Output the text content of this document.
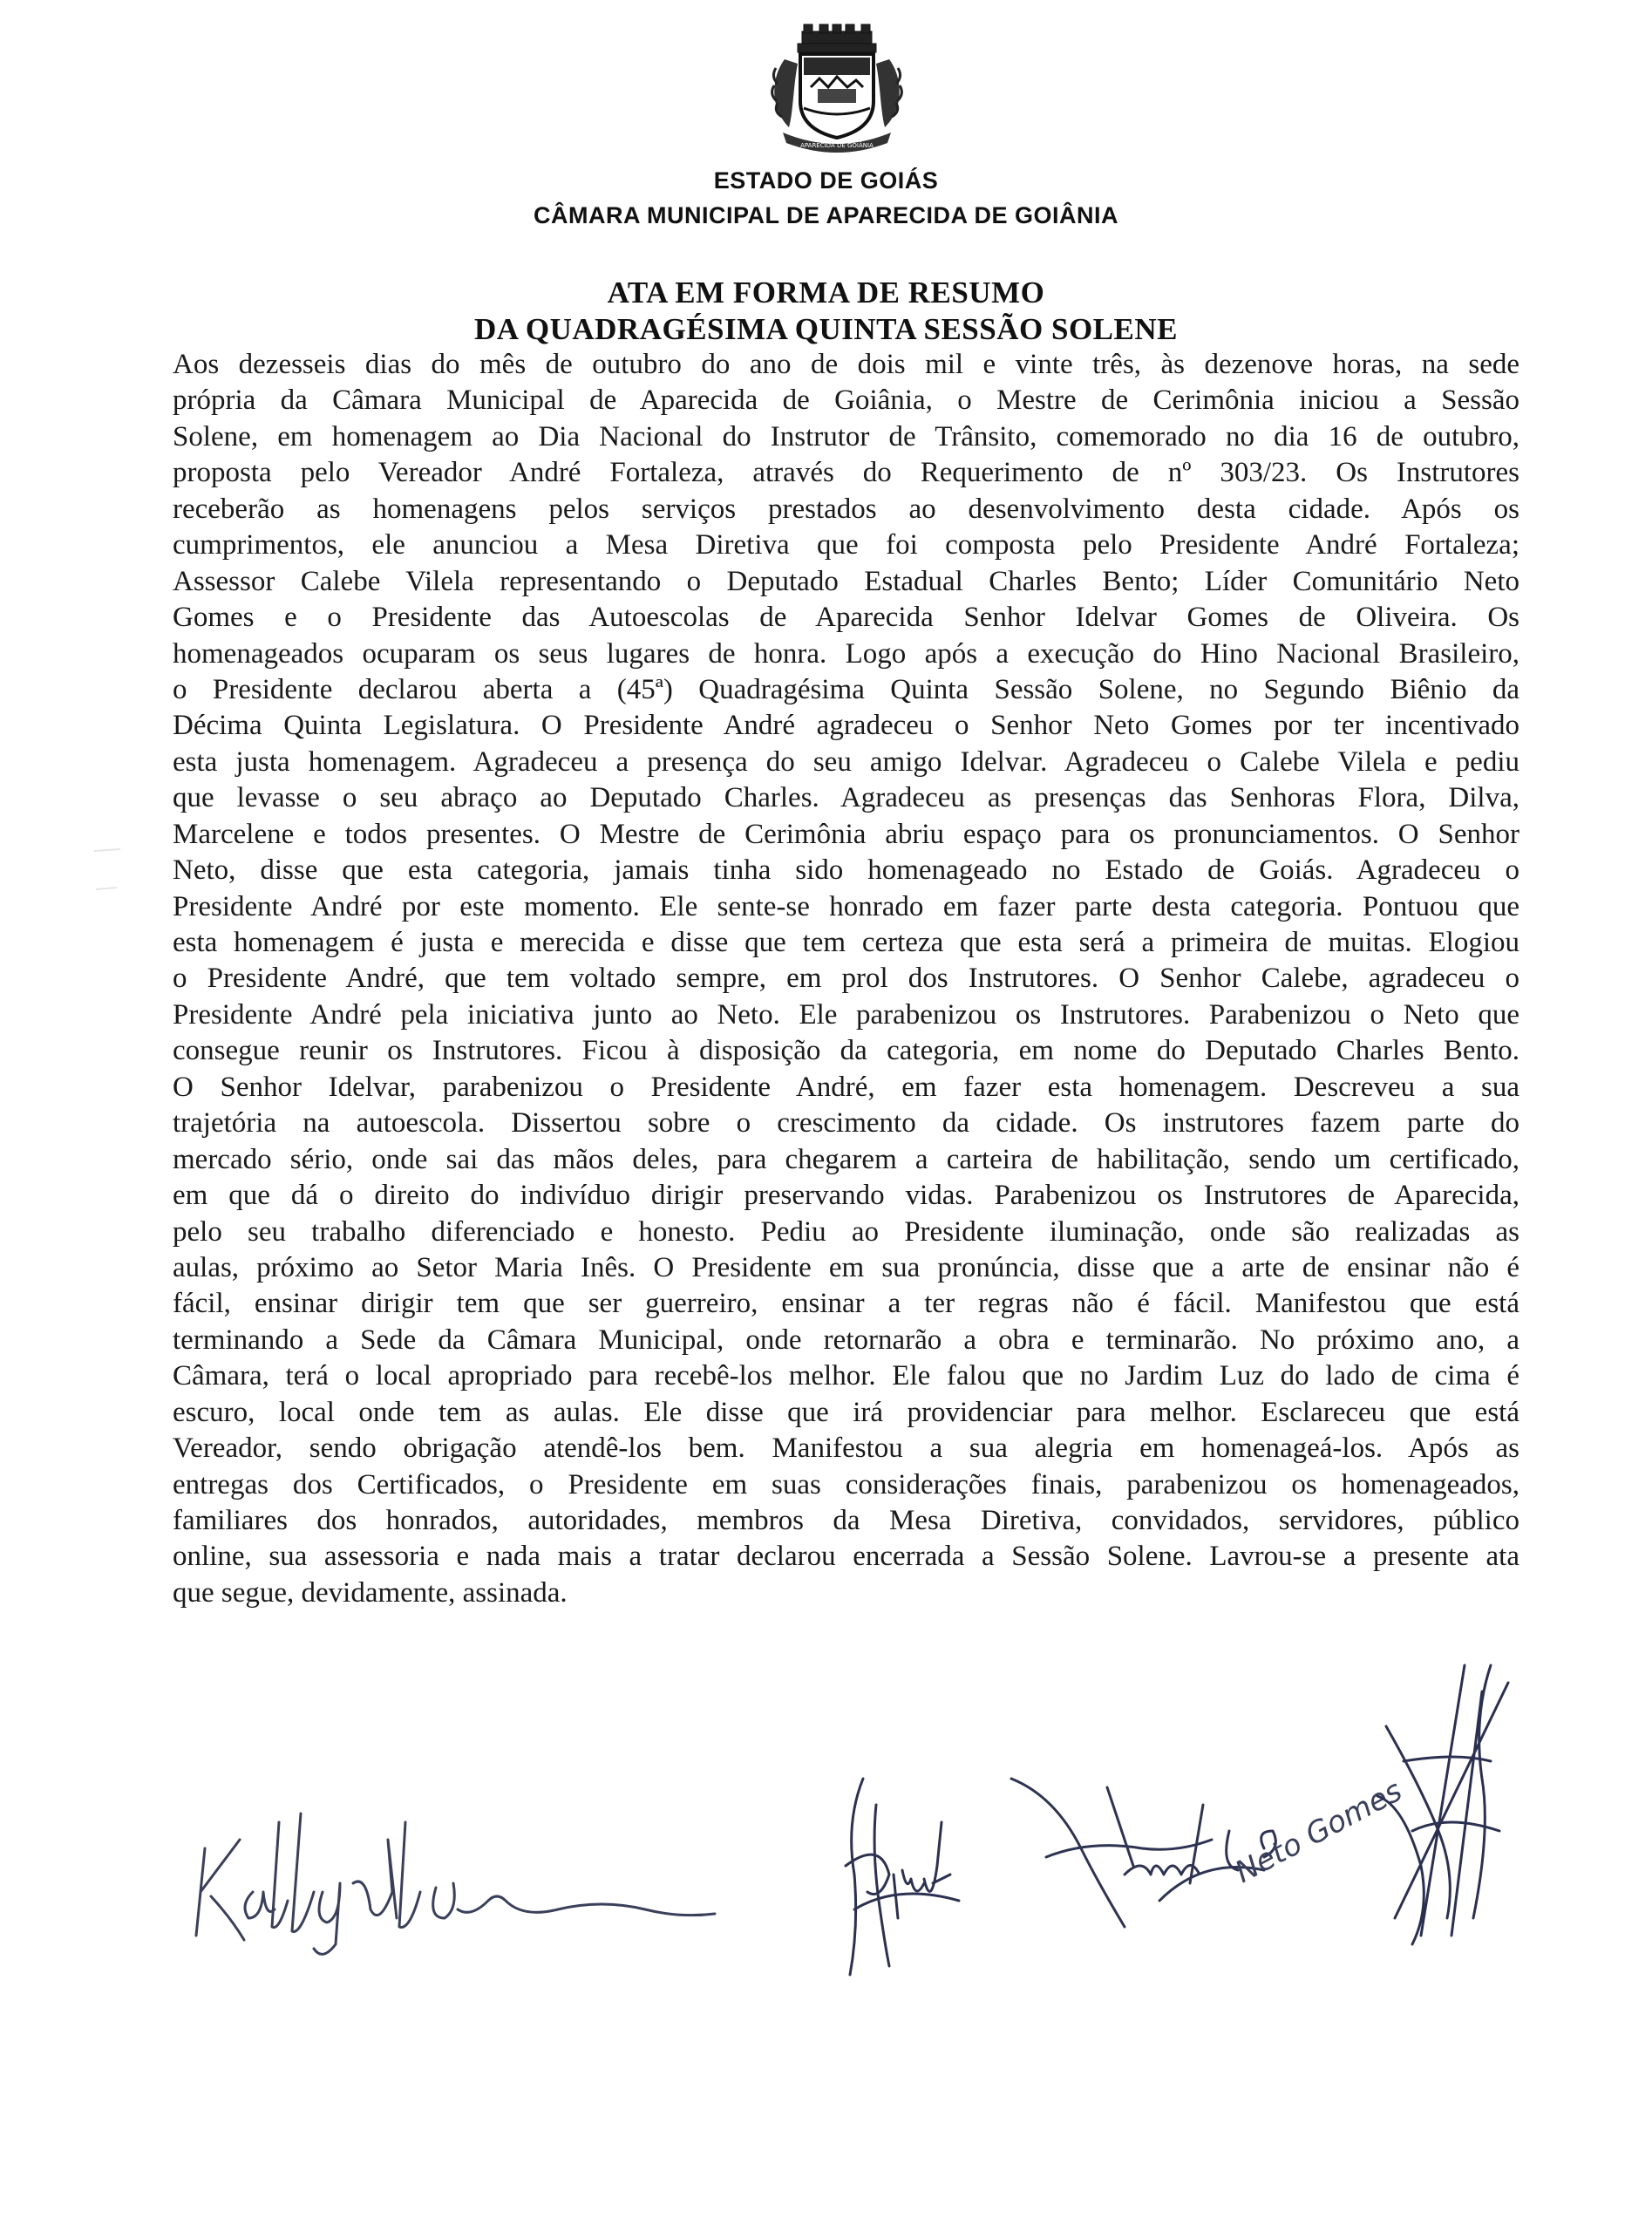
APARECIDA DE GOIÂNIA
ESTADO DE GOIÁS
CÂMARA MUNICIPAL DE APARECIDA DE GOIÂNIA
ATA EM FORMA DE RESUMO
DA QUADRAGÉSIMA QUINTA SESSÃO SOLENE
Aos dezesseis dias do mês de outubro do ano de dois mil e vinte três, às dezenove horas, na sede
própria da Câmara Municipal de Aparecida de Goiânia, o Mestre de Cerimônia iniciou a Sessão
Solene, em homenagem ao Dia Nacional do Instrutor de Trânsito, comemorado no dia 16 de outubro,
proposta pelo Vereador André Fortaleza, através do Requerimento de nº 303/23. Os Instrutores
receberão as homenagens pelos serviços prestados ao desenvolvimento desta cidade. Após os
cumprimentos, ele anunciou a Mesa Diretiva que foi composta pelo Presidente André Fortaleza;
Assessor Calebe Vilela representando o Deputado Estadual Charles Bento; Líder Comunitário Neto
Gomes e o Presidente das Autoescolas de Aparecida Senhor Idelvar Gomes de Oliveira. Os
homenageados ocuparam os seus lugares de honra. Logo após a execução do Hino Nacional Brasileiro,
o Presidente declarou aberta a (45ª) Quadragésima Quinta Sessão Solene, no Segundo Biênio da
Décima Quinta Legislatura. O Presidente André agradeceu o Senhor Neto Gomes por ter incentivado
esta justa homenagem. Agradeceu a presença do seu amigo Idelvar. Agradeceu o Calebe Vilela e pediu
que levasse o seu abraço ao Deputado Charles. Agradeceu as presenças das Senhoras Flora, Dilva,
Marcelene e todos presentes. O Mestre de Cerimônia abriu espaço para os pronunciamentos. O Senhor
Neto, disse que esta categoria, jamais tinha sido homenageado no Estado de Goiás. Agradeceu o
Presidente André por este momento. Ele sente-se honrado em fazer parte desta categoria. Pontuou que
esta homenagem é justa e merecida e disse que tem certeza que esta será a primeira de muitas. Elogiou
o Presidente André, que tem voltado sempre, em prol dos Instrutores. O Senhor Calebe, agradeceu o
Presidente André pela iniciativa junto ao Neto. Ele parabenizou os Instrutores. Parabenizou o Neto que
consegue reunir os Instrutores. Ficou à disposição da categoria, em nome do Deputado Charles Bento.
O Senhor Idelvar, parabenizou o Presidente André, em fazer esta homenagem. Descreveu a sua
trajetória na autoescola. Dissertou sobre o crescimento da cidade. Os instrutores fazem parte do
mercado sério, onde sai das mãos deles, para chegarem a carteira de habilitação, sendo um certificado,
em que dá o direito do indivíduo dirigir preservando vidas. Parabenizou os Instrutores de Aparecida,
pelo seu trabalho diferenciado e honesto. Pediu ao Presidente iluminação, onde são realizadas as
aulas, próximo ao Setor Maria Inês. O Presidente em sua pronúncia, disse que a arte de ensinar não é
fácil, ensinar dirigir tem que ser guerreiro, ensinar a ter regras não é fácil. Manifestou que está
terminando a Sede da Câmara Municipal, onde retornarão a obra e terminarão. No próximo ano, a
Câmara, terá o local apropriado para recebê-los melhor. Ele falou que no Jardim Luz do lado de cima é
escuro, local onde tem as aulas. Ele disse que irá providenciar para melhor. Esclareceu que está
Vereador, sendo obrigação atendê-los bem. Manifestou a sua alegria em homenageá-los. Após as
entregas dos Certificados, o Presidente em suas considerações finais, parabenizou os homenageados,
familiares dos honrados, autoridades, membros da Mesa Diretiva, convidados, servidores, público
online, sua assessoria e nada mais a tratar declarou encerrada a Sessão Solene. Lavrou-se a presente ata
que segue, devidamente, assinada.
Neto Gomes
